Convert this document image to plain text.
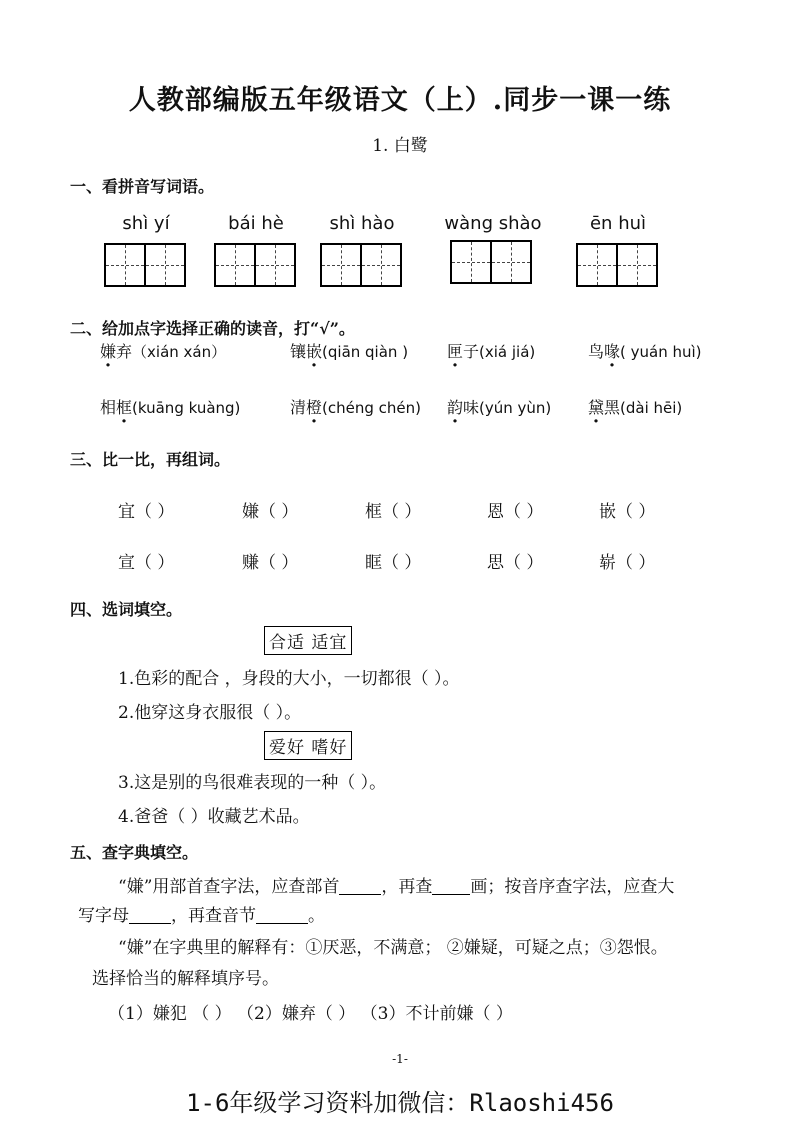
人教部编版五年级语文（上）.同步一课一练
1. 白鹭
一、看拼音写词语。
shì yí	bái hè	shì hào	wàng shào	ēn huì
二、给加点字选择正确的读音，打“√”。
嫌弃（xián xán）	镶嵌(qiān qiàn ) 匣子(xiá jiá)	鸟喙( yuán huì)
相框(kuāng kuàng)	清橙(chéng chén) 韵味(yún yùn) 黛黑(dài hēi)
三、比一比，再组词。
宜（ ）	嫌（ ）	框（ ）	恩（ ）	嵌（ ）
宣（ ）	赚（ ）	眶（ ）	思（ ）	崭（ ）
四、选词填空。
合适 适宜
1.色彩的配合 ，身段的大小，一切都很（ ）。
2.他穿这身衣服很（ ）。
爱好 嗜好
3.这是别的鸟很难表现的一种（ ）。
4.爸爸（ ）收藏艺术品。
五、查字典填空。
“嫌”用部首查字法，应查部首 ，再查 画；按音序查字法，应查大
写字母 ，再查音节	。
“嫌”在字典里的解释有：①厌恶，不满意； ②嫌疑，可疑之点；③怨恨。
选择恰当的解释填序号。
（1）嫌犯 （ ） （2）嫌弃（ ） （3）不计前嫌（ ）
-1-
1-6年级学习资料加微信：Rlaoshi456
